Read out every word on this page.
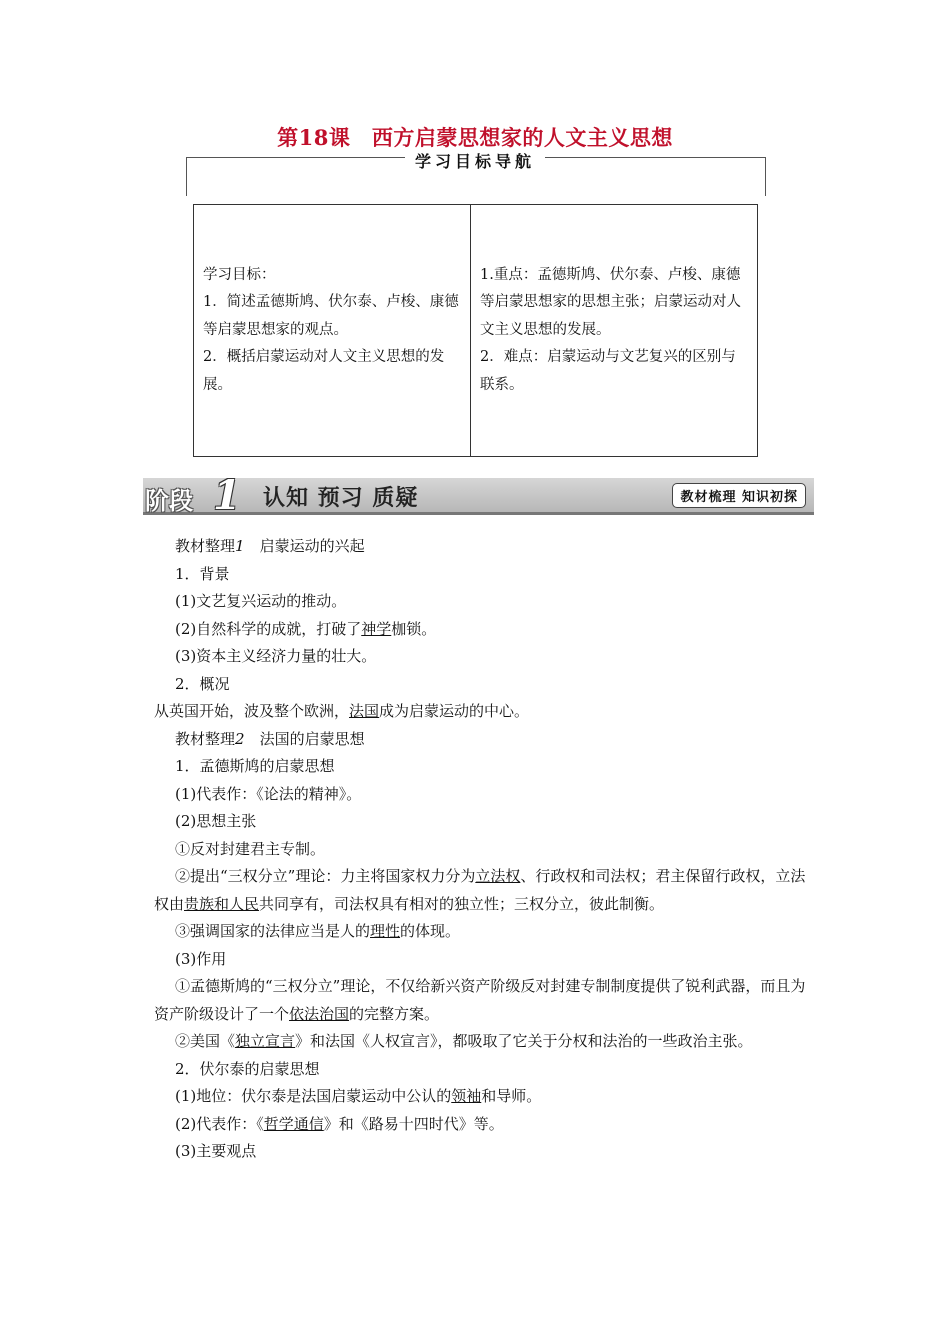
第18课　西方启蒙思想家的人文主义思想
学习目标导航
学习目标：
1．简述孟德斯鸠、伏尔泰、卢梭、康德等启蒙思想家的观点。
2．概括启蒙运动对人文主义思想的发展。
1.重点：孟德斯鸠、伏尔泰、卢梭、康德等启蒙思想家的思想主张；启蒙运动对人文主义思想的发展。
2．难点：启蒙运动与文艺复兴的区别与联系。
阶段 1 认知 预习 质疑	教材梳理 知识初探

教材整理1　 启蒙运动的兴起

1．背景

(1)文艺复兴运动的推动。

(2)自然科学的成就，打破了神学枷锁。

(3)资本主义经济力量的壮大。

2．概况

从英国开始，波及整个欧洲，法国成为启蒙运动的中心。

教材整理2　 法国的启蒙思想

1．孟德斯鸠的启蒙思想

(1)代表作：《论法的精神》。

(2)思想主张

①反对封建君主专制。

②提出“三权分立”理论：力主将国家权力分为立法权、行政权和司法权；君主保留行政权，立法权由贵族和人民共同享有，司法权具有相对的独立性；三权分立，彼此制衡。

③强调国家的法律应当是人的理性的体现。

(3)作用

①孟德斯鸠的“三权分立”理论，不仅给新兴资产阶级反对封建专制制度提供了锐利武器，而且为资产阶级设计了一个依法治国的完整方案。

②美国《独立宣言》和法国《人权宣言》，都吸取了它关于分权和法治的一些政治主张。

2．伏尔泰的启蒙思想

(1)地位：伏尔泰是法国启蒙运动中公认的领袖和导师。

(2)代表作：《哲学通信》和《路易十四时代》等。

(3)主要观点
